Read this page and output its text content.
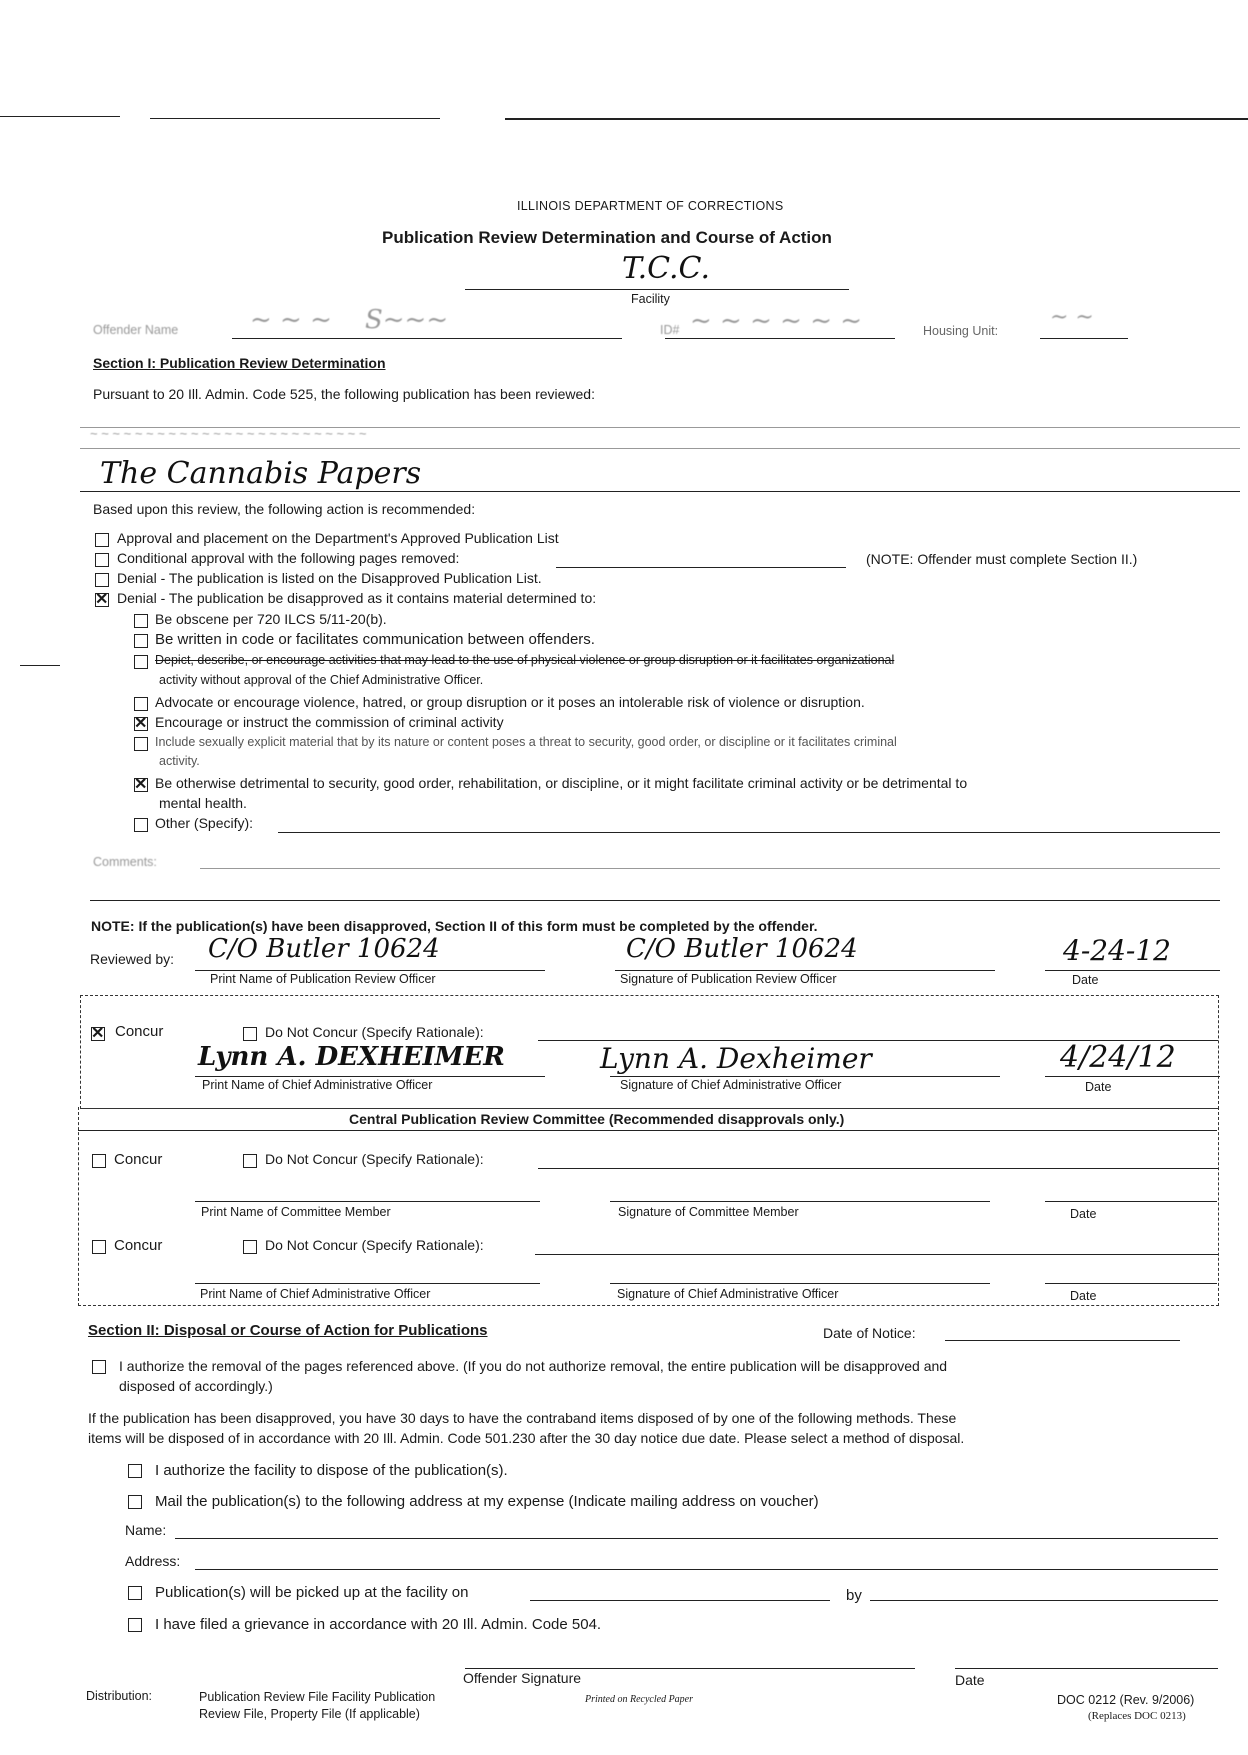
ILLINOIS DEPARTMENT OF CORRECTIONS
Publication Review Determination and Course of Action
T.C.C.
Facility
Offender Name	~ ~ ~    S~~~	ID# ~ ~ ~ ~ ~ ~	Housing Unit:
~ ~
Section I: Publication Review Determination
Pursuant to 20 Ill. Admin. Code 525, the following publication has been reviewed:
~ ~ ~ ~ ~ ~ ~ ~ ~ ~ ~ ~ ~ ~ ~ ~ ~ ~ ~ ~ ~ ~ ~ ~ ~
The Cannabis Papers
Based upon this review, the following action is recommended:
Approval and placement on the Department's Approved Publication List
Conditional approval with the following pages removed:	(NOTE: Offender must complete Section II.)
Denial - The publication is listed on the Disapproved Publication List.
✕
Denial - The publication be disapproved as it contains material determined to:
Be obscene per 720 ILCS 5/11-20(b).
Be written in code or facilitates communication between offenders.
Depict, describe, or encourage activities that may lead to the use of physical violence or group disruption or it facilitates organizational
activity without approval of the Chief Administrative Officer.
Advocate or encourage violence, hatred, or group disruption or it poses an intolerable risk of violence or disruption.
✕
Encourage or instruct the commission of criminal activity
Include sexually explicit material that by its nature or content poses a threat to security, good order, or discipline or it facilitates criminal
activity.
✕
Be otherwise detrimental to security, good order, rehabilitation, or discipline, or it might facilitate criminal activity or be detrimental to
mental health.
Other (Specify):
Comments:
NOTE: If the publication(s) have been disapproved, Section II of this form must be completed by the offender.
Reviewed by: C/O Butler 10624
Print Name of Publication Review Officer
C/O Butler 10624
Signature of Publication Review Officer
4-24-12
Date
✕
Concur	Do Not Concur (Specify Rationale):
Lynn A. DEXHEIMER
Print Name of Chief Administrative Officer
Lynn A. Dexheimer
Signature of Chief Administrative Officer
4/24/12
Date
Central Publication Review Committee (Recommended disapprovals only.)
Concur	Do Not Concur (Specify Rationale):
Print Name of Committee Member	Signature of Committee Member	Date
Concur	Do Not Concur (Specify Rationale):
Print Name of Chief Administrative Officer	Signature of Chief Administrative Officer	Date
Section II: Disposal or Course of Action for Publications	Date of Notice:
I authorize the removal of the pages referenced above. (If you do not authorize removal, the entire publication will be disapproved and
disposed of accordingly.)
If the publication has been disapproved, you have 30 days to have the contraband items disposed of by one of the following methods. These
items will be disposed of in accordance with 20 Ill. Admin. Code 501.230 after the 30 day notice due date. Please select a method of disposal.
I authorize the facility to dispose of the publication(s).
Mail the publication(s) to the following address at my expense (Indicate mailing address on voucher)
Name:
Address:
Publication(s) will be picked up at the facility on	by
I have filed a grievance in accordance with 20 Ill. Admin. Code 504.
Offender Signature	Date
Distribution:	Publication Review File Facility Publication
Review File, Property File (If applicable)
Printed on Recycled Paper	DOC 0212 (Rev. 9/2006)
(Replaces DOC 0213)
